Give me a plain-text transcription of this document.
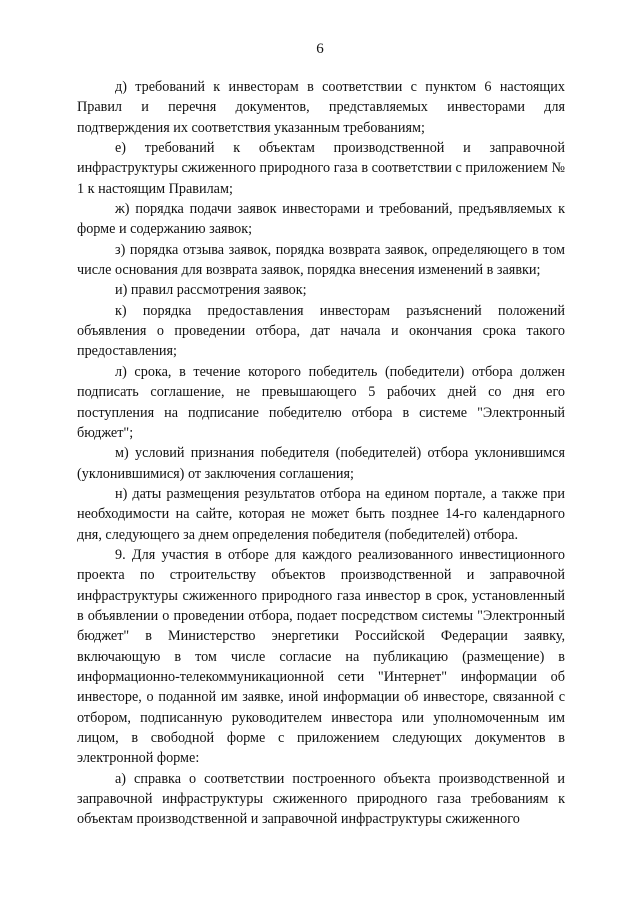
6

д) требований к инвесторам в соответствии с пунктом 6 настоящих Правил и перечня документов, представляемых инвесторами для подтверждения их соответствия указанным требованиям;

е) требований к объектам производственной и заправочной инфраструктуры сжиженного природного газа в соответствии с приложением № 1 к настоящим Правилам;

ж) порядка подачи заявок инвесторами и требований, предъявляемых к форме и содержанию заявок;

з) порядка отзыва заявок, порядка возврата заявок, определяющего в том числе основания для возврата заявок, порядка внесения изменений в заявки;

и) правил рассмотрения заявок;

к) порядка предоставления инвесторам разъяснений положений объявления о проведении отбора, дат начала и окончания срока такого предоставления;

л) срока, в течение которого победитель (победители) отбора должен подписать соглашение, не превышающего 5 рабочих дней со дня его поступления на подписание победителю отбора в системе "Электронный бюджет";

м) условий признания победителя (победителей) отбора уклонившимся (уклонившимися) от заключения соглашения;

н) даты размещения результатов отбора на едином портале, а также при необходимости на сайте, которая не может быть позднее 14-го календарного дня, следующего за днем определения победителя (победителей) отбора.

9. Для участия в отборе для каждого реализованного инвестиционного проекта по строительству объектов производственной и заправочной инфраструктуры сжиженного природного газа инвестор в срок, установленный в объявлении о проведении отбора, подает посредством системы "Электронный бюджет" в Министерство энергетики Российской Федерации заявку, включающую в том числе согласие на публикацию (размещение) в информационно-телекоммуникационной сети "Интернет" информации об инвесторе, о поданной им заявке, иной информации об инвесторе, связанной с отбором, подписанную руководителем инвестора или уполномоченным им лицом, в свободной форме с приложением следующих документов в электронной форме:

а) справка о соответствии построенного объекта производственной и заправочной инфраструктуры сжиженного природного газа требованиям к объектам производственной и заправочной инфраструктуры сжиженного
